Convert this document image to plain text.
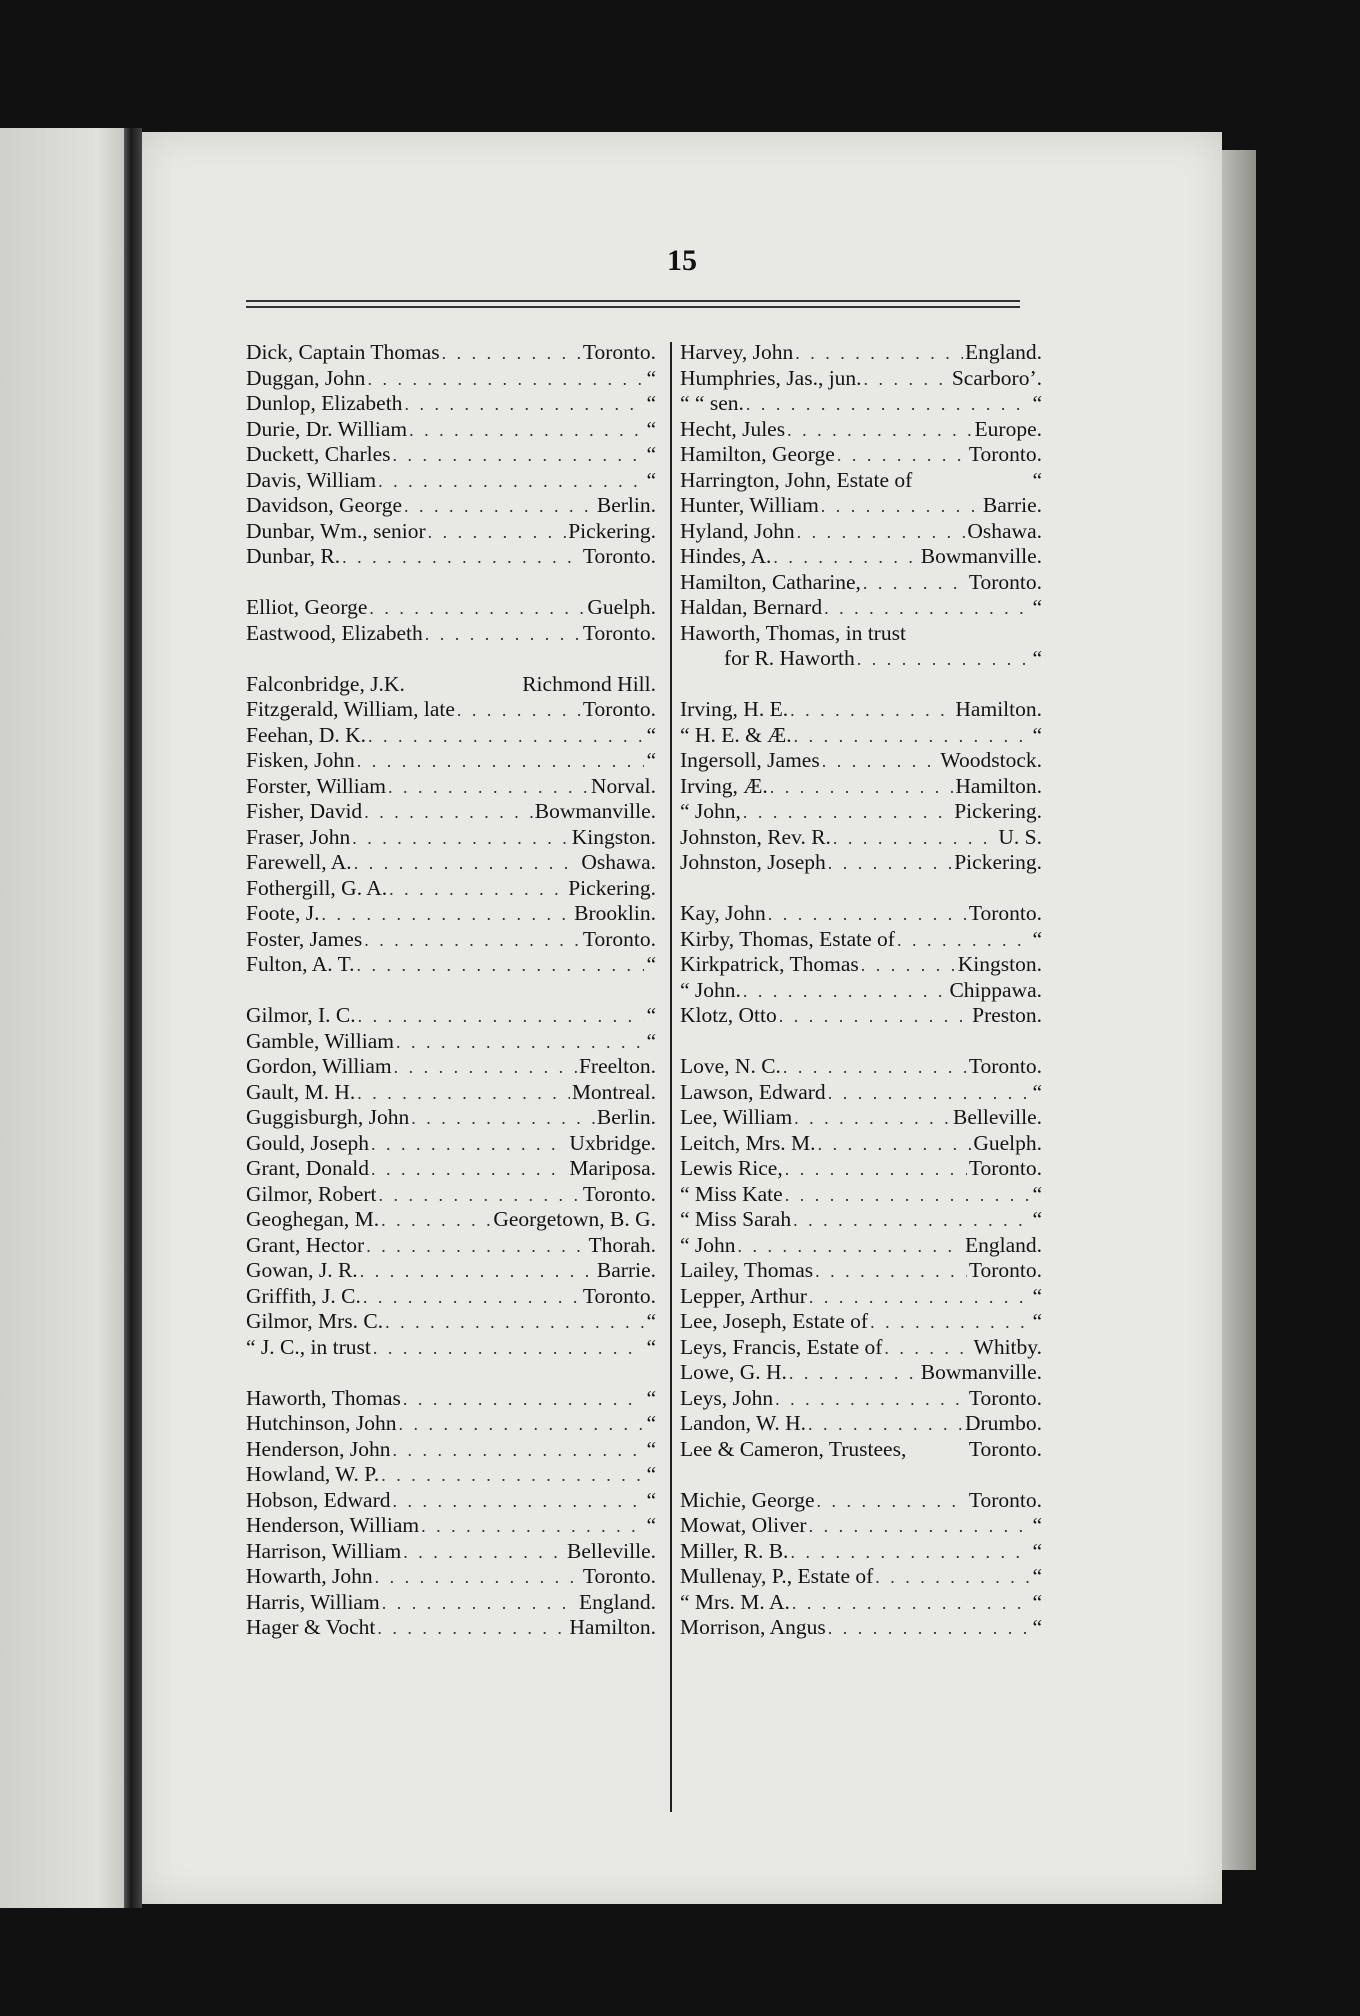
15
Dick, Captain Thomas . . .	Toronto.
Duggan, John . . .	“
Dunlop, Elizabeth . . .	“
Durie, Dr. William . . .	“
Duckett, Charles . . .	“
Davis, William . . .	“
Davidson, George . . .	Berlin.
Dunbar, Wm., senior . . .	Pickering.
Dunbar, R. . . .	Toronto.
Elliot, George . . .	Guelph.
Eastwood, Elizabeth . . .	Toronto.
Falconbridge, J.K.	Richmond Hill.
Fitzgerald, William, late . . .	Toronto.
Feehan, D. K. . . .	“
Fisken, John . . .	“
Forster, William . . .	Norval.
Fisher, David . . .	Bowmanville.
Fraser, John . . .	Kingston.
Farewell, A. . . .	Oshawa.
Fothergill, G. A. . . .	Pickering.
Foote, J. . . .	Brooklin.
Foster, James . . .	Toronto.
Fulton, A. T. . . .	“
Gilmor, I. C. . . .	“
Gamble, William . . .	“
Gordon, William . . .	Freelton.
Gault, M. H. . . .	Montreal.
Guggisburgh, John . . .	Berlin.
Gould, Joseph . . .	Uxbridge.
Grant, Donald . . .	Mariposa.
Gilmor, Robert . . .	Toronto.
Geoghegan, M. . . .	Georgetown, B. G.
Grant, Hector . . .	Thorah.
Gowan, J. R. . . .	Barrie.
Griffith, J. C. . . .	Toronto.
Gilmor, Mrs. C. . . .	“
“ J. C., in trust . . .	“
Haworth, Thomas . . .	“
Hutchinson, John . . .	“
Henderson, John . . .	“
Howland, W. P. . . .	“
Hobson, Edward . . .	“
Henderson, William . . .	“
Harrison, William . . .	Belleville.
Howarth, John . . .	Toronto.
Harris, William . . .	England.
Hager & Vocht . . .	Hamilton.
Harvey, John . . .	England.
Humphries, Jas., jun. . . .	Scarboro’.
“ “ sen. . . .	“
Hecht, Jules . . .	Europe.
Hamilton, George . . .	Toronto.
Harrington, John, Estate of	“
Hunter, William . . .	Barrie.
Hyland, John . . .	Oshawa.
Hindes, A. . . .	Bowmanville.
Hamilton, Catharine, . . .	Toronto.
Haldan, Bernard . . .	“
Haworth, Thomas, in trust
for R. Haworth . . .	“
Irving, H. E. . . .	Hamilton.
“ H. E. & Æ. . . .	“
Ingersoll, James . . .	Woodstock.
Irving, Æ. . . .	Hamilton.
“ John, . . .	Pickering.
Johnston, Rev. R. . . .	U. S.
Johnston, Joseph . . .	Pickering.
Kay, John . . .	Toronto.
Kirby, Thomas, Estate of . . .	“
Kirkpatrick, Thomas . . .	Kingston.
“ John. . . .	Chippawa.
Klotz, Otto . . .	Preston.
Love, N. C. . . .	Toronto.
Lawson, Edward . . .	“
Lee, William . . .	Belleville.
Leitch, Mrs. M. . . .	Guelph.
Lewis Rice, . . .	Toronto.
“ Miss Kate . . .	“
“ Miss Sarah . . .	“
“ John . . .	England.
Lailey, Thomas . . .	Toronto.
Lepper, Arthur . . .	“
Lee, Joseph, Estate of . . .	“
Leys, Francis, Estate of . . .	Whitby.
Lowe, G. H. . . .	Bowmanville.
Leys, John . . .	Toronto.
Landon, W. H. . . .	Drumbo.
Lee & Cameron, Trustees,	Toronto.
Michie, George . . .	Toronto.
Mowat, Oliver . . .	“
Miller, R. B. . . .	“
Mullenay, P., Estate of . . .	“
“ Mrs. M. A. . . .	“
Morrison, Angus . . .	“
